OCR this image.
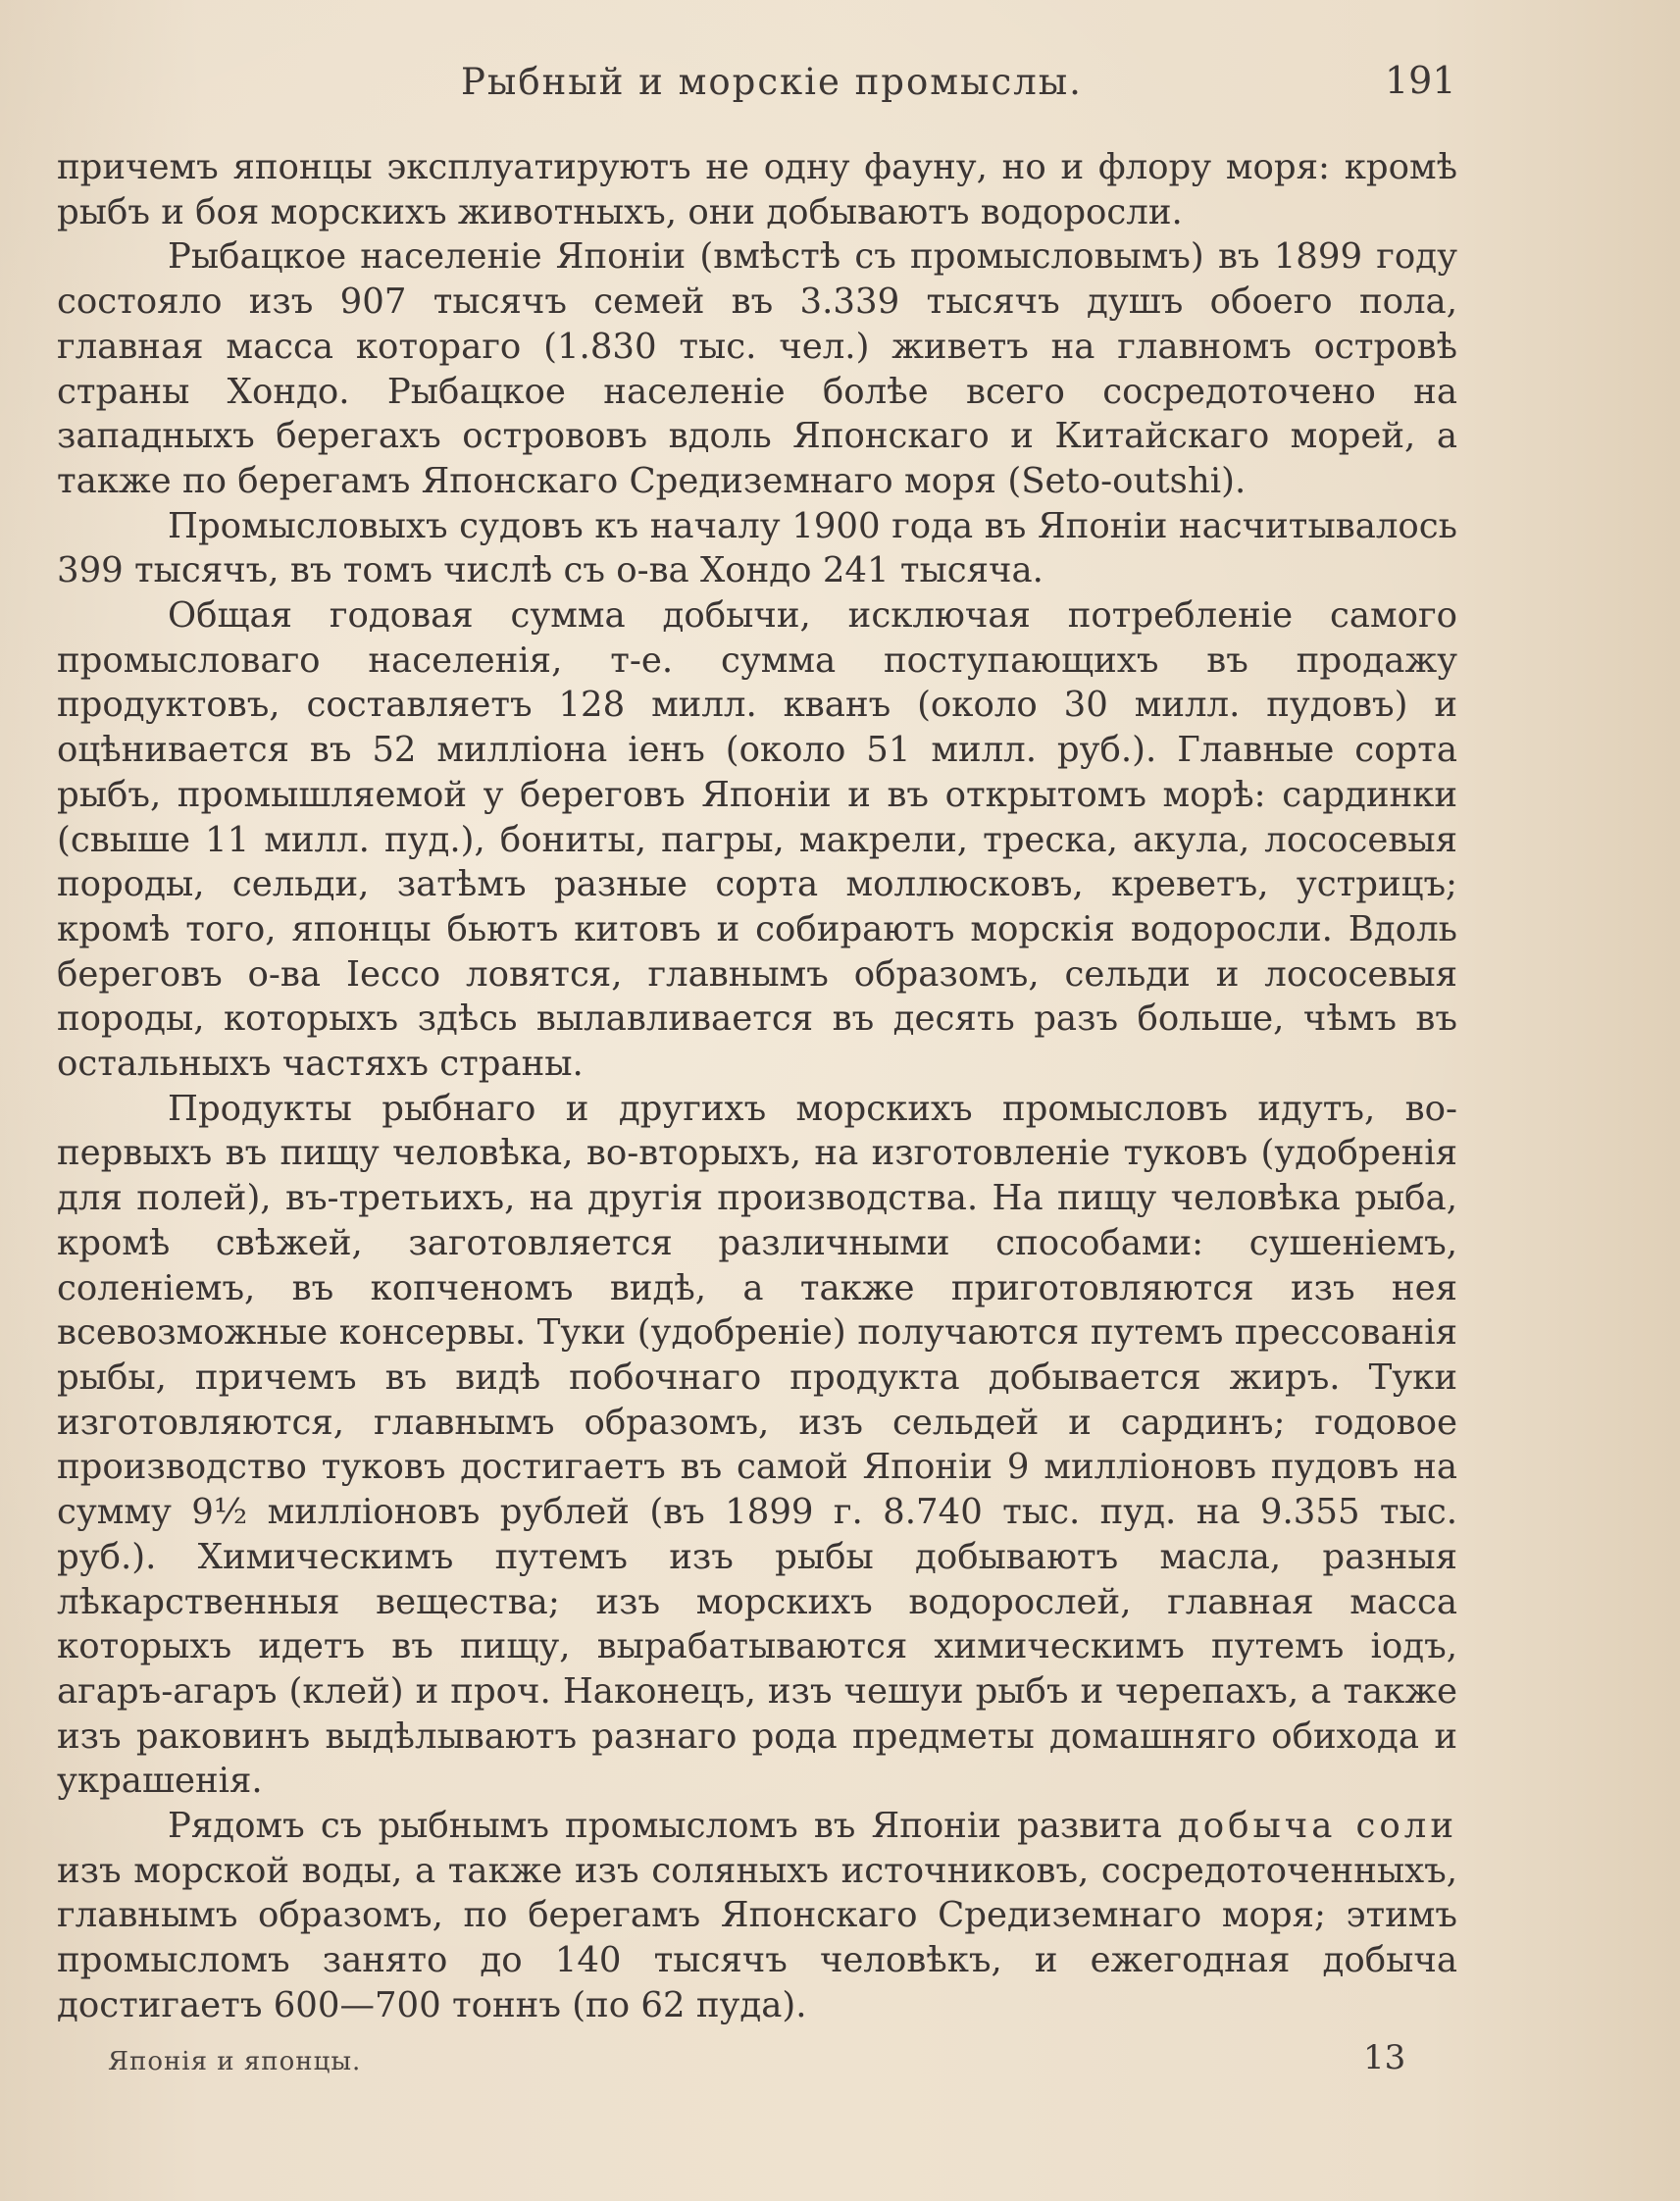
Рыбный и морскіе промыслы.	191

причемъ японцы эксплуатируютъ не одну фауну, но и флору моря: кромѣ рыбъ и боя морскихъ животныхъ, они добываютъ водоросли.

Рыбацкое населеніе Японіи (вмѣстѣ съ промысловымъ) въ 1899 году состояло изъ 907 тысячъ семей въ 3.339 тысячъ душъ обоего пола, главная масса котораго (1.830 тыс. чел.) живетъ на главномъ островѣ страны Хондо. Рыбацкое населеніе болѣе всего сосредоточено на западныхъ берегахъ острововъ вдоль Японскаго и Китайскаго морей, а также по берегамъ Японскаго Средиземнаго моря (Seto-outshi).

Промысловыхъ судовъ къ началу 1900 года въ Японіи насчитывалось 399 тысячъ, въ томъ числѣ съ о-ва Хондо 241 тысяча.

Общая годовая сумма добычи, исключая потребленіе самого промысловаго населенія, т-е. сумма поступающихъ въ продажу продуктовъ, составляетъ 128 милл. кванъ (около 30 милл. пудовъ) и оцѣнивается въ 52 милліона іенъ (около 51 милл. руб.). Главные сорта рыбъ, промышляемой у береговъ Японіи и въ открытомъ морѣ: сардинки (свыше 11 милл. пуд.), бониты, пагры, макрели, треска, акула, лососевыя породы, сельди, затѣмъ разные сорта моллюсковъ, креветъ, устрицъ; кромѣ того, японцы бьютъ китовъ и собираютъ морскія водоросли. Вдоль береговъ о-ва Іессо ловятся, главнымъ образомъ, сельди и лососевыя породы, которыхъ здѣсь вылавливается въ десять разъ больше, чѣмъ въ остальныхъ частяхъ страны.

Продукты рыбнаго и другихъ морскихъ промысловъ идутъ, во-первыхъ въ пищу человѣка, во-вторыхъ, на изготовленіе туковъ (удобренія для полей), въ-третьихъ, на другія производства. На пищу человѣка рыба, кромѣ свѣжей, заготовляется различными способами: сушеніемъ, соленіемъ, въ копченомъ видѣ, а также приготовляются изъ нея всевозможные консервы. Туки (удобреніе) получаются путемъ прессованія рыбы, причемъ въ видѣ побочнаго продукта добывается жиръ. Туки изготовляются, главнымъ образомъ, изъ сельдей и сардинъ; годовое производство туковъ достигаетъ въ самой Японіи 9 милліоновъ пудовъ на сумму 9½ милліоновъ рублей (въ 1899 г. 8.740 тыс. пуд. на 9.355 тыс. руб.). Химическимъ путемъ изъ рыбы добываютъ масла, разныя лѣкарственныя вещества; изъ морскихъ водорослей, главная масса которыхъ идетъ въ пищу, вырабатываются химическимъ путемъ іодъ, агаръ-агаръ (клей) и проч. Наконецъ, изъ чешуи рыбъ и черепахъ, а также изъ раковинъ выдѣлываютъ разнаго рода предметы домашняго обихода и украшенія.

Рядомъ съ рыбнымъ промысломъ въ Японіи развита добыча соли изъ морской воды, а также изъ соляныхъ источниковъ, сосредоточенныхъ, главнымъ образомъ, по берегамъ Японскаго Средиземнаго моря; этимъ промысломъ занято до 140 тысячъ человѣкъ, и ежегодная добыча достигаетъ 600—700 тоннъ (по 62 пуда).

Японія и японцы.	13
